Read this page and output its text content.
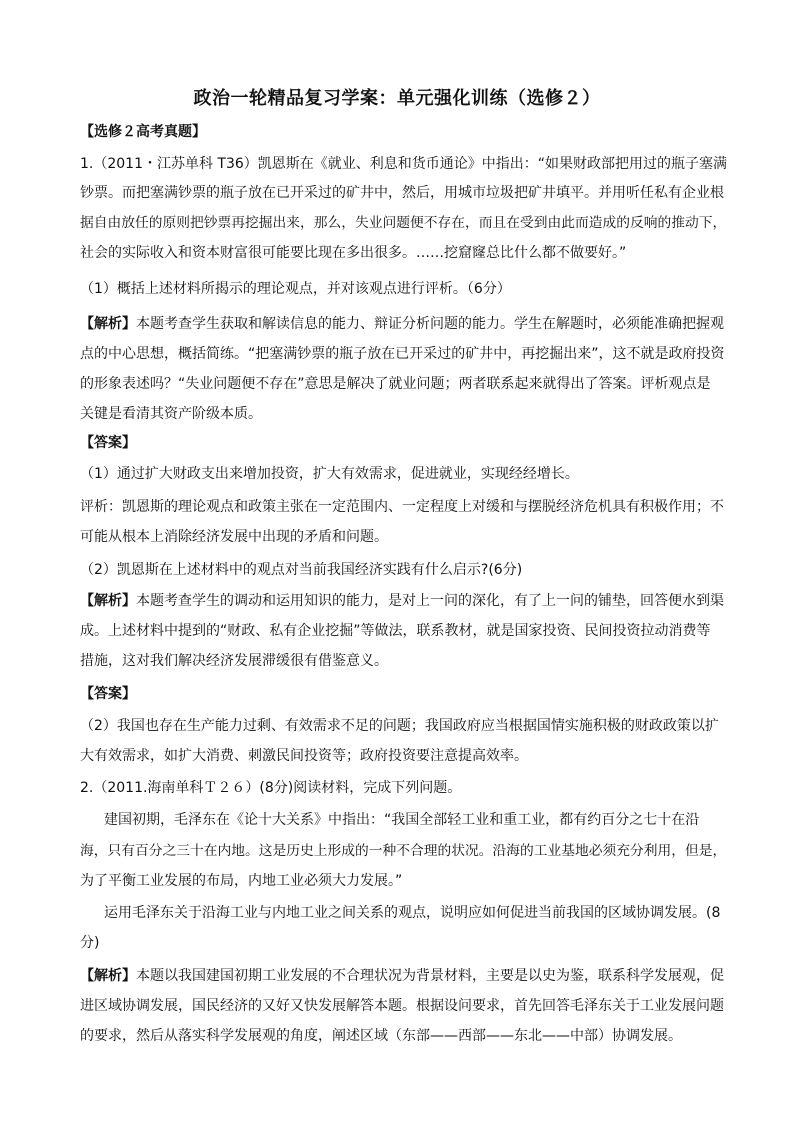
政治一轮精品复习学案：单元强化训练（选修２）
【选修２高考真题】
1.（2011・江苏单科 T36）凯恩斯在《就业、利息和货币通论》中指出：“如果财政部把用过的瓶子塞满
钞票。而把塞满钞票的瓶子放在已开采过的矿井中，然后，用城市垃圾把矿井填平。并用听任私有企业根
据自由放任的原则把钞票再挖掘出来，那么，失业问题便不存在，而且在受到由此而造成的反响的推动下，
社会的实际收入和资本财富很可能要比现在多出很多。……挖窟窿总比什么都不做要好。”
（1）概括上述材料所揭示的理论观点，并对该观点进行评析。（6分）
【解析】本题考查学生获取和解读信息的能力、辩证分析问题的能力。学生在解题时，必须能准确把握观
点的中心思想，概括简练。“把塞满钞票的瓶子放在已开采过的矿井中，再挖掘出来”，这不就是政府投资
的形象表述吗？“失业问题便不存在”意思是解决了就业问题；两者联系起来就得出了答案。评析观点是
关键是看清其资产阶级本质。
【答案】
（1）通过扩大财政支出来增加投资，扩大有效需求，促进就业，实现经经增长。
评析：凯恩斯的理论观点和政策主张在一定范围内、一定程度上对缓和与摆脱经济危机具有积极作用；不
可能从根本上消除经济发展中出现的矛盾和问题。
（2）凯恩斯在上述材料中的观点对当前我国经济实践有什么启示?(6分)
【解析】本题考查学生的调动和运用知识的能力，是对上一问的深化，有了上一问的铺垫，回答便水到渠
成。上述材料中提到的“财政、私有企业挖掘”等做法，联系教材，就是国家投资、民间投资拉动消费等
措施，这对我们解决经济发展滞缓很有借鉴意义。
【答案】
（2）我国也存在生产能力过剩、有效需求不足的问题；我国政府应当根据国情实施积极的财政政策以扩
大有效需求，如扩大消费、刺激民间投资等；政府投资要注意提高效率。
2.（2011.海南单科Ｔ２６）(8分)阅读材料，完成下列问题。
建国初期，毛泽东在《论十大关系》中指出：“我国全部轻工业和重工业，都有约百分之七十在沿
海，只有百分之三十在内地。这是历史上形成的一种不合理的状况。沿海的工业基地必须充分利用，但是，
为了平衡工业发展的布局，内地工业必须大力发展。”
运用毛泽东关于沿海工业与内地工业之间关系的观点，说明应如何促进当前我国的区域协调发展。(8
分)
【解析】本题以我国建国初期工业发展的不合理状况为背景材料，主要是以史为鉴，联系科学发展观，促
进区域协调发展，国民经济的又好又快发展解答本题。根据设问要求，首先回答毛泽东关于工业发展问题
的要求，然后从落实科学发展观的角度，阐述区域（东部——西部——东北——中部）协调发展。
